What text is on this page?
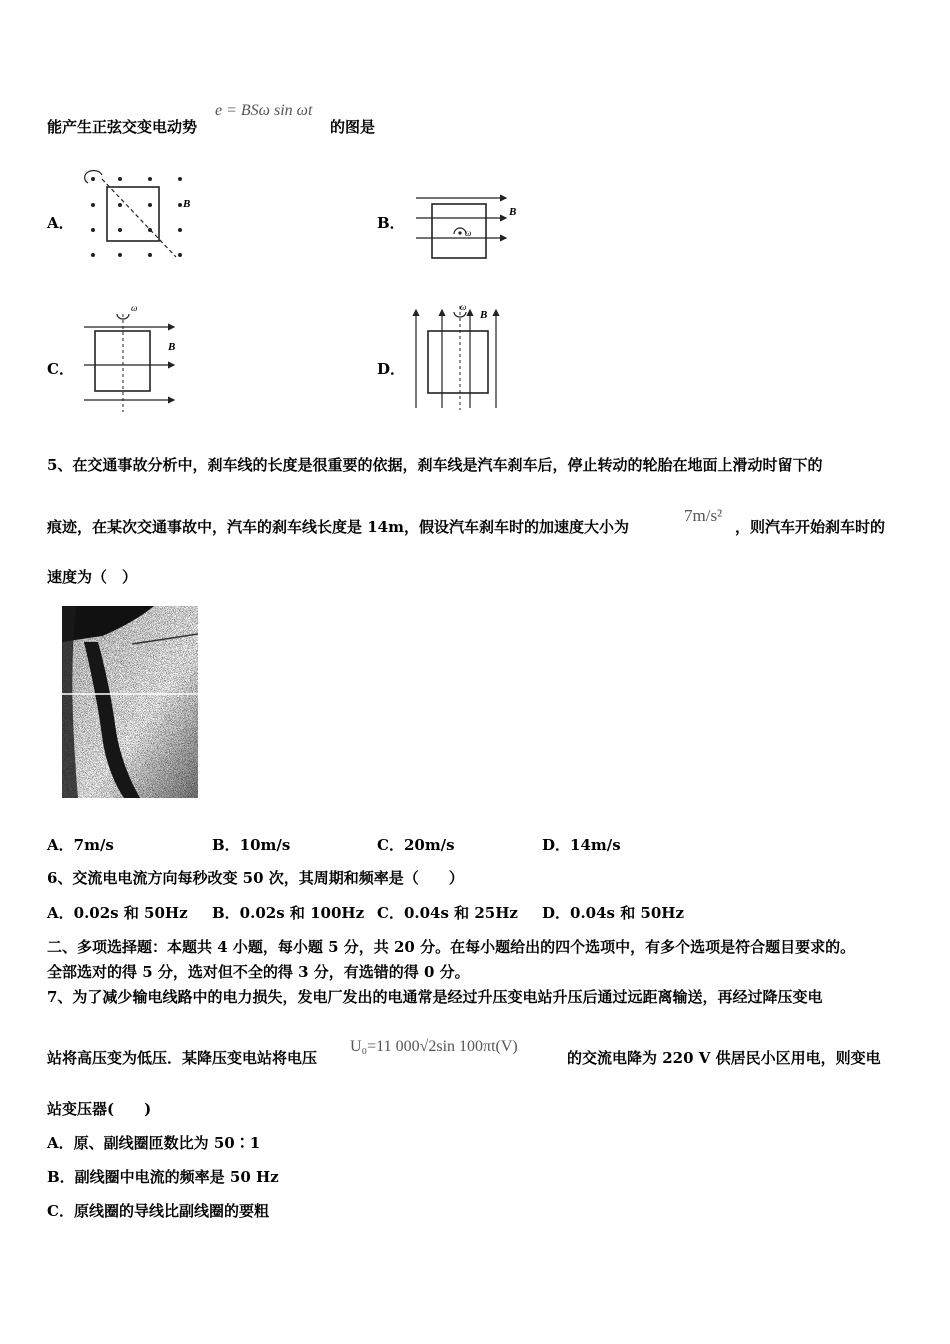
能产生正弦交变电动势
e = BSω sin ωt
的图是
A．
B
B．
ω
B
C．
ω
B
D．
ω
B
5、在交通事故分析中，刹车线的长度是很重要的依据，刹车线是汽车刹车后，停止转动的轮胎在地面上滑动时留下的
痕迹，在某次交通事故中，汽车的刹车线长度是 14m，假设汽车刹车时的加速度大小为
7m/s²
，则汽车开始刹车时的
速度为（　）
A．7m/s	B．10m/s	C．20m/s	D．14m/s
6、交流电电流方向每秒改变 50 次，其周期和频率是（　　）
A．0.02s 和 50Hz B．0.02s 和 100Hz C．0.04s 和 25Hz D．0.04s 和 50Hz
二、多项选择题：本题共 4 小题，每小题 5 分，共 20 分。在每小题给出的四个选项中，有多个选项是符合题目要求的。
全部选对的得 5 分，选对但不全的得 3 分，有选错的得 0 分。
7、为了减少输电线路中的电力损失，发电厂发出的电通常是经过升压变电站升压后通过远距离输送，再经过降压变电
站将高压变为低压．某降压变电站将电压
U₀=11 000√2sin 100πt(V)
的交流电降为 220 V 供居民小区用电，则变电
站变压器(　　)
A．原、副线圈匝数比为 50∶1
B．副线圈中电流的频率是 50 Hz
C．原线圈的导线比副线圈的要粗
